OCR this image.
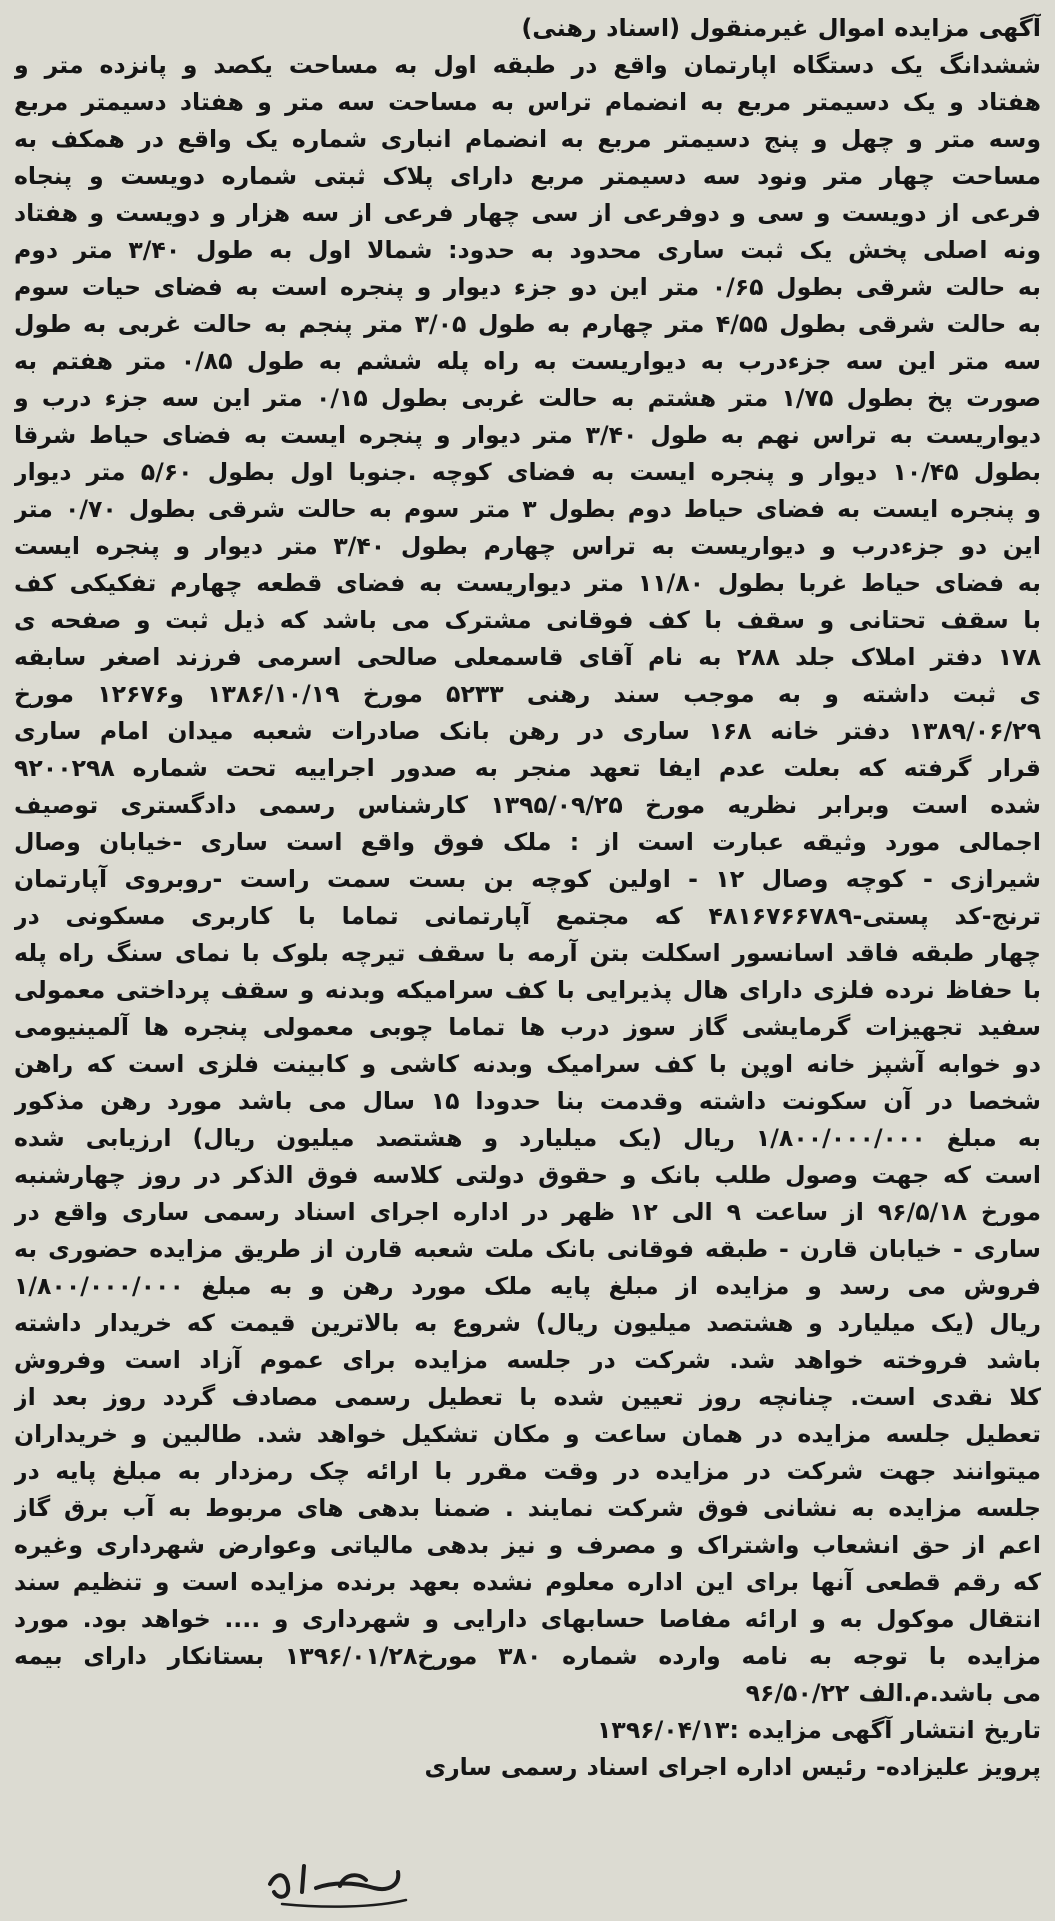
آگهی مزایده اموال غیرمنقول (اسناد رهنی)
ششدانگ یک دستگاه اپارتمان واقع در طبقه اول به مساحت یکصد و پانزده متر و
هفتاد و یک دسیمتر مربع به انضمام تراس به مساحت سه متر و هفتاد دسیمتر مربع
وسه متر و چهل و پنج دسیمتر مربع به انضمام انباری شماره یک واقع در همکف به
مساحت چهار متر ونود سه دسیمتر مربع دارای پلاک ثبتی شماره دویست و پنجاه
فرعی از دویست و سی و دوفرعی از سی چهار فرعی از سه هزار و دویست و هفتاد
ونه اصلی پخش یک ثبت ساری محدود به حدود: شمالا اول به طول ۳/۴۰ متر دوم
به حالت شرقی بطول ۰/۶۵ متر این دو جزء دیوار و پنجره است به فضای حیات سوم
به حالت شرقی بطول ۴/۵۵ متر چهارم به طول ۳/۰۵ متر پنجم به حالت غربی به طول
سه متر این سه جزءدرب به دیواریست به راه پله ششم به طول ۰/۸۵ متر هفتم به
صورت پخ بطول ۱/۷۵ متر هشتم به حالت غربی بطول ۰/۱۵ متر این سه جزء درب و
دیواریست به تراس نهم به طول ۳/۴۰ متر دیوار و پنجره ایست به فضای حیاط شرقا
بطول ۱۰/۴۵ دیوار و پنجره ایست به فضای کوچه .جنوبا اول بطول ۵/۶۰ متر دیوار
و پنجره ایست به فضای حیاط دوم بطول ۳ متر سوم به حالت شرقی بطول ۰/۷۰ متر
این دو جزءدرب و دیواریست به تراس چهارم بطول ۳/۴۰ متر دیوار و پنجره ایست
به فضای حیاط غربا بطول ۱۱/۸۰ متر دیواریست به فضای قطعه چهارم تفکیکی کف
با سقف تحتانی و سقف با کف فوقانی مشترک می باشد که ذیل ثبت و صفحه ی
۱۷۸ دفتر املاک جلد ۲۸۸ به نام آقای قاسمعلی صالحی اسرمی فرزند اصغر سابقه
ی ثبت داشته و به موجب سند رهنی ۵۲۳۳ مورخ ۱۳۸۶/۱۰/۱۹ و۱۲۶۷۶ مورخ
۱۳۸۹/۰۶/۲۹ دفتر خانه ۱۶۸ ساری در رهن بانک صادرات شعبه میدان امام ساری
قرار گرفته که بعلت عدم ایفا تعهد منجر به صدور اجراییه تحت شماره ۹۲۰۰۲۹۸
شده است وبرابر نظریه مورخ ۱۳۹۵/۰۹/۲۵ کارشناس رسمی دادگستری توصیف
اجمالی مورد وثیقه عبارت است از : ملک فوق واقع است ساری -خیابان وصال
شیرازی - کوچه وصال ۱۲ - اولین کوچه بن بست سمت راست -روبروی آپارتمان
ترنج-کد پستی-۴۸۱۶۷۶۶۷۸۹ که مجتمع آپارتمانی تماما با کاربری مسکونی در
چهار طبقه فاقد اسانسور اسکلت بتن آرمه با سقف تیرچه بلوک با نمای سنگ راه پله
با حفاظ نرده فلزی دارای هال پذیرایی با کف سرامیکه وبدنه و سقف پرداختی معمولی
سفید تجهیزات گرمایشی گاز سوز درب ها تماما چوبی معمولی پنجره ها آلمینیومی
دو خوابه آشپز خانه اوپن با کف سرامیک وبدنه کاشی و کابینت فلزی است که راهن
شخصا در آن سکونت داشته وقدمت بنا حدودا ۱۵ سال می باشد مورد رهن مذکور
به مبلغ ۱/۸۰۰/۰۰۰/۰۰۰ ریال (یک میلیارد و هشتصد میلیون ریال) ارزیابی شده
است که جهت وصول طلب بانک و حقوق دولتی کلاسه فوق الذکر در روز چهارشنبه
مورخ ۹۶/۵/۱۸ از ساعت ۹ الی ۱۲ ظهر در اداره اجرای اسناد رسمی ساری واقع در
ساری - خیابان قارن - طبقه فوقانی بانک ملت شعبه قارن از طریق مزایده حضوری به
فروش می رسد و مزایده از مبلغ پایه ملک مورد رهن و به مبلغ ۱/۸۰۰/۰۰۰/۰۰۰
ریال (یک میلیارد و هشتصد میلیون ریال) شروع به بالاترین قیمت که خریدار داشته
باشد فروخته خواهد شد. شرکت در جلسه مزایده برای عموم آزاد است وفروش
کلا نقدی است. چنانچه روز تعیین شده با تعطیل رسمی مصادف گردد روز بعد از
تعطیل جلسه مزایده در همان ساعت و مکان تشکیل خواهد شد. طالبین و خریداران
میتوانند جهت شرکت در مزایده در وقت مقرر با ارائه چک رمزدار به مبلغ پایه در
جلسه مزایده به نشانی فوق شرکت نمایند . ضمنا بدهی های مربوط به آب برق گاز
اعم از حق انشعاب واشتراک و مصرف و نیز بدهی مالیاتی وعوارض شهرداری وغیره
که رقم قطعی آنها برای این اداره معلوم نشده بعهد برنده مزایده است و تنظیم سند
انتقال موکول به و ارائه مفاصا حسابهای دارایی و شهرداری و .... خواهد بود. مورد
مزایده با توجه به نامه وارده شماره ۳۸۰ مورخ۱۳۹۶/۰۱/۲۸ بستانکار دارای بیمه
می باشد.م.الف ۹۶/۵۰/۲۲
تاریخ انتشار آگهی مزایده :۱۳۹۶/۰۴/۱۳
پرویز علیزاده- رئیس اداره اجرای اسناد رسمی ساری
